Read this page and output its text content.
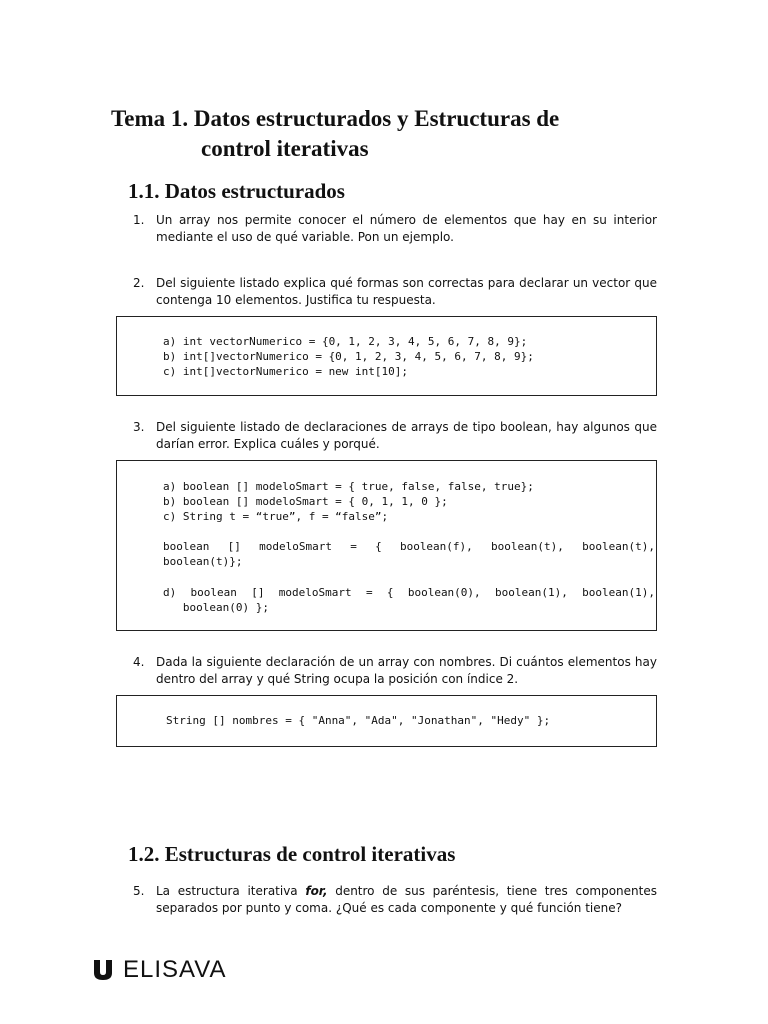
Tema 1. Datos estructurados y Estructuras de
control iterativas
1.1. Datos estructurados
1. Un array nos permite conocer el número de elementos que hay en su interior mediante el uso de qué variable. Pon un ejemplo.
2. Del siguiente listado explica qué formas son correctas para declarar un vector que contenga 10 elementos. Justifica tu respuesta.
a) int vectorNumerico = {0, 1, 2, 3, 4, 5, 6, 7, 8, 9};
b) int[]vectorNumerico = {0, 1, 2, 3, 4, 5, 6, 7, 8, 9};
c) int[]vectorNumerico = new int[10];
3. Del siguiente listado de declaraciones de arrays de tipo boolean, hay algunos que darían error. Explica cuáles y porqué.
a) boolean [] modeloSmart = { true, false, false, true};
b) boolean [] modeloSmart = { 0, 1, 1, 0 };
c) String t = “true”, f = “false”;
boolean [] modeloSmart = { boolean(f), boolean(t), boolean(t),
boolean(t)};
d) boolean [] modeloSmart = { boolean(0), boolean(1), boolean(1),
boolean(0) };
4. Dada la siguiente declaración de un array con nombres. Di cuántos elementos hay dentro del array y qué String ocupa la posición con índice 2.
String [] nombres = { "Anna", "Ada", "Jonathan", "Hedy" };
1.2. Estructuras de control iterativas
5. La estructura iterativa for, dentro de sus paréntesis, tiene tres componentes separados por punto y coma. ¿Qué es cada componente y qué función tiene?
ELISAVA
